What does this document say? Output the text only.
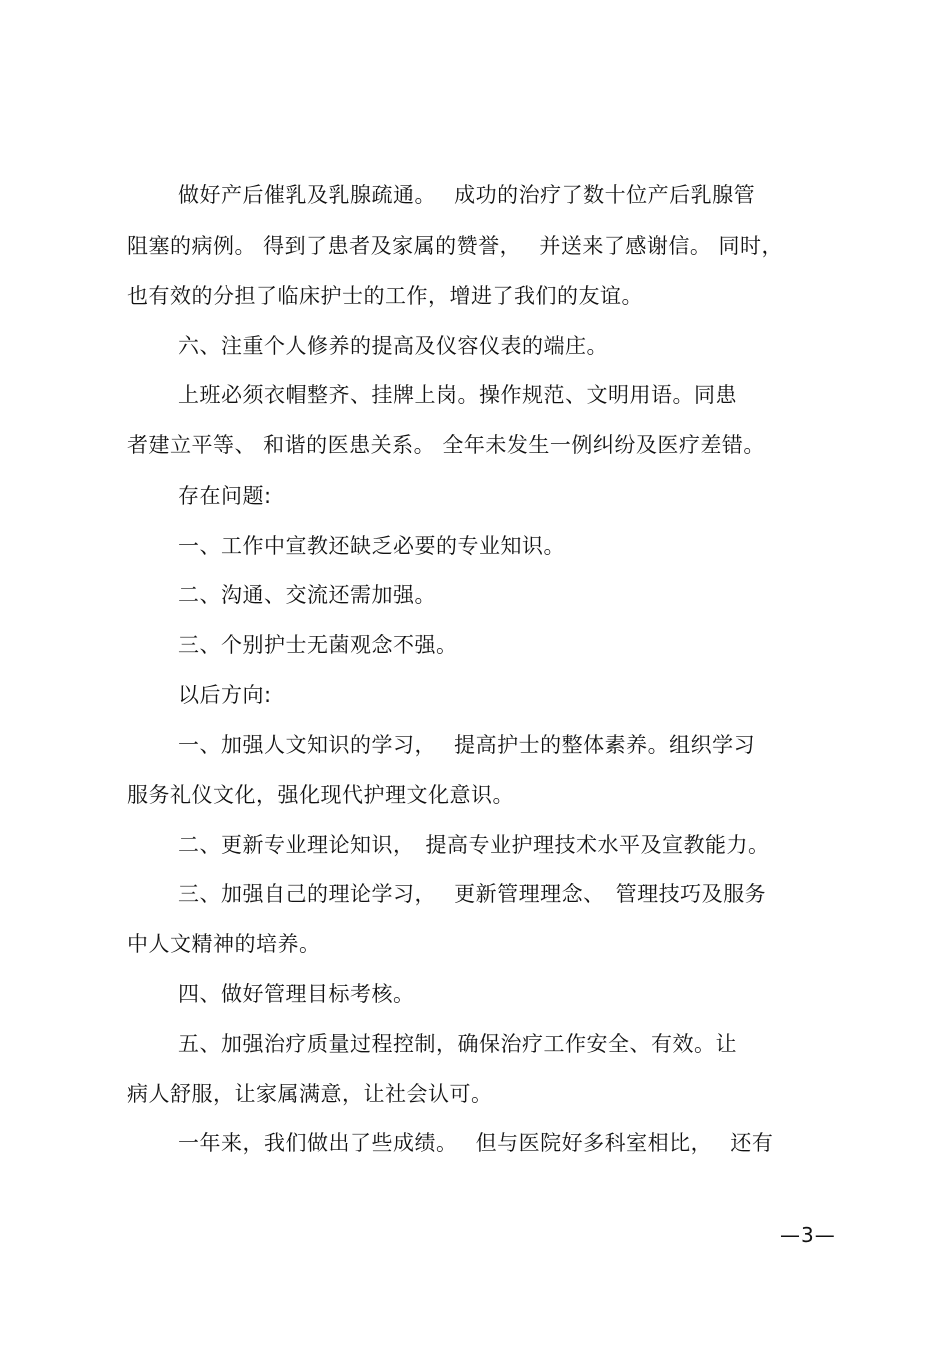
做好产后催乳及乳腺疏通。　 成功的治疗了数十位产后乳腺管
阻塞的病例。 得到了患者及家属的赞誉，　 并送来了感谢信。 同时，
也有效的分担了临床护士的工作，增进了我们的友谊。
六、注重个人修养的提高及仪容仪表的端庄。
上班必须衣帽整齐、挂牌上岗。操作规范、文明用语。同患
者建立平等、 和谐的医患关系。 全年未发生一例纠纷及医疗差错。
存在问题:
一、工作中宣教还缺乏必要的专业知识。
二、沟通、交流还需加强。
三、个别护士无菌观念不强。
以后方向:
一、加强人文知识的学习，　 提高护士的整体素养。组织学习
服务礼仪文化，强化现代护理文化意识。
二、更新专业理论知识，　提高专业护理技术水平及宣教能力。
三、加强自己的理论学习，　 更新管理理念、　管理技巧及服务
中人文精神的培养。
四、做好管理目标考核。
五、加强治疗质量过程控制，确保治疗工作安全、有效。让
病人舒服，让家属满意，让社会认可。
一年来，我们做出了些成绩。　 但与医院好多科室相比，　 还有
—3—
